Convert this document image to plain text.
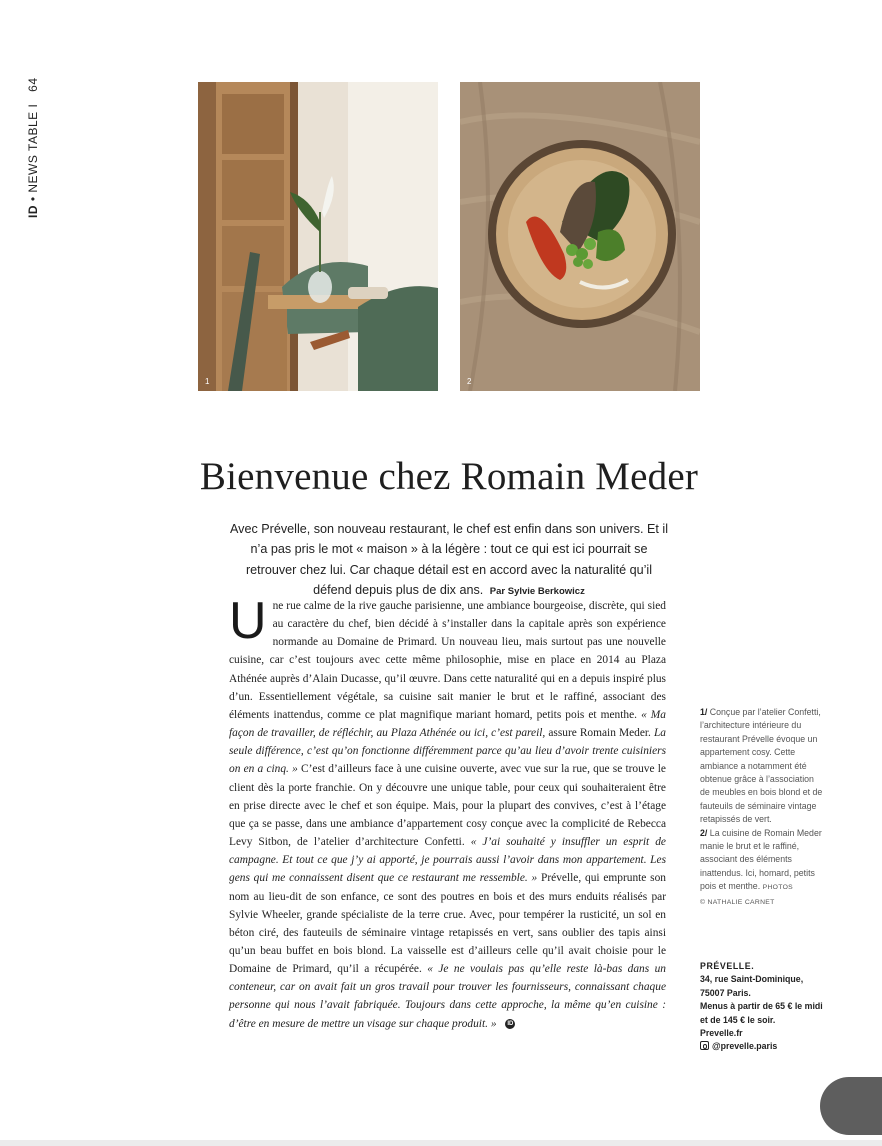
ID • NEWS TABLE I 64
1	2
Bienvenue chez Romain Meder

Avec Prévelle, son nouveau restaurant, le chef est enfin dans son univers. Et il n’a pas pris le mot « maison » à la légère : tout ce qui est ici pourrait se retrouver chez lui. Car chaque détail est en accord avec la naturalité qu’il défend depuis plus de dix ans. Par Sylvie Berkowicz

U ne rue calme de la rive gauche parisienne, une ambiance bourgeoise, discrète, qui sied au caractère du chef, bien décidé à s’installer dans la capitale après son expérience normande au Domaine de Primard. Un nouveau lieu, mais surtout pas une nouvelle cuisine, car c’est toujours avec cette même philosophie, mise en place en 2014 au Plaza Athénée auprès d’Alain Ducasse, qu’il œuvre. Dans cette naturalité qui en a depuis inspiré plus d’un. Essentiellement végétale, sa cuisine sait manier le brut et le raffiné, associant des éléments inattendus, comme ce plat magnifique mariant homard, petits pois et menthe. « Ma façon de travailler, de réfléchir, au Plaza Athénée ou ici, c’est pareil, assure Romain Meder. La seule différence, c’est qu’on fonctionne différemment parce qu’au lieu d’avoir trente cuisiniers on en a cinq. » C’est d’ailleurs face à une cuisine ouverte, avec vue sur la rue, que se trouve le client dès la porte franchie. On y découvre une unique table, pour ceux qui souhaiteraient être en prise directe avec le chef et son équipe. Mais, pour la plupart des convives, c’est à l’étage que ça se passe, dans une ambiance d’appartement cosy conçue avec la complicité de Rebecca Levy Sitbon, de l’atelier d’architecture Confetti. « J’ai souhaité y insuffler un esprit de campagne. Et tout ce que j’y ai apporté, je pourrais aussi l’avoir dans mon appartement. Les gens qui me connaissent disent que ce restaurant me ressemble. » Prévelle, qui emprunte son nom au lieu-dit de son enfance, ce sont des poutres en bois et des murs enduits réalisés par Sylvie Wheeler, grande spécialiste de la terre crue. Avec, pour tempérer la rusticité, un sol en béton ciré, des fauteuils de séminaire vintage retapissés en vert, sans oublier des tapis ainsi qu’un beau buffet en bois blond. La vaisselle est d’ailleurs celle qu’il avait choisie pour le Domaine de Primard, qu’il a récupérée. « Je ne voulais pas qu’elle reste là-bas dans un conteneur, car on avait fait un gros travail pour trouver les fournisseurs, connaissant chaque personne qui nous l’avait fabriquée. Toujours dans cette approche, la même qu’en cuisine : d’être en mesure de mettre un visage sur chaque produit. » ID
1/ Conçue par l’atelier Confetti, l’architecture intérieure du restaurant Prévelle évoque un appartement cosy. Cette ambiance a notamment été obtenue grâce à l’association de meubles en bois blond et de fauteuils de séminaire vintage retapissés de vert.
2/ La cuisine de Romain Meder manie le brut et le raffiné, associant des éléments inattendus. Ici, homard, petits pois et menthe. PHOTOS
© NATHALIE CARNET
PRÉVELLE.
34, rue Saint-Dominique,
75007 Paris.
Menus à partir de 65 € le midi et de 145 € le soir.
Prevelle.fr
@prevelle.paris
